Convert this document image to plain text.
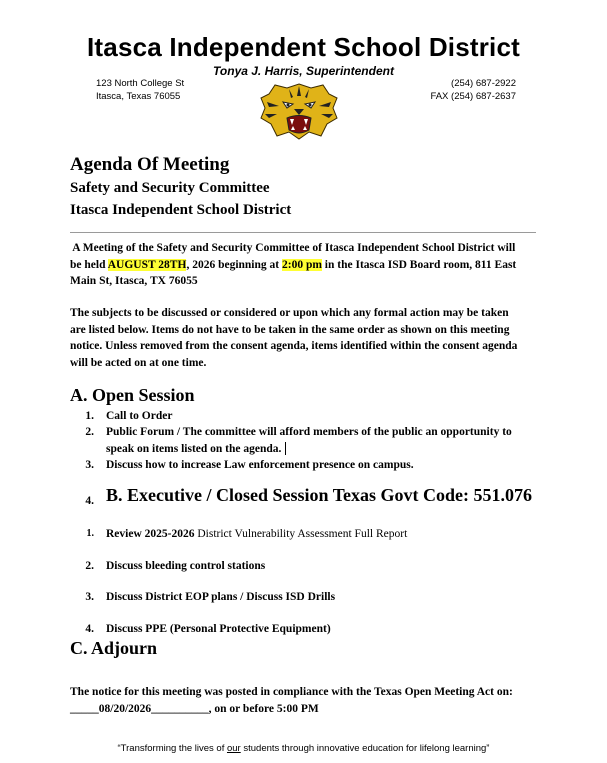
Itasca Independent School District
Tonya J. Harris, Superintendent
123 North College St
Itasca, Texas 76055
(254) 687-2922
FAX (254) 687-2637
Agenda Of Meeting
Safety and Security Committee
Itasca Independent School District
A Meeting of the Safety and Security Committee of Itasca Independent School District will
be held AUGUST 28TH, 2026 beginning at 2:00 pm in the Itasca ISD Board room, 811 East
Main St, Itasca, TX 76055
The subjects to be discussed or considered or upon which any formal action may be taken
are listed below. Items do not have to be taken in the same order as shown on this meeting
notice. Unless removed from the consent agenda, items identified within the consent agenda
will be acted on at one time.
A. Open Session
1. Call to Order
2. Public Forum / The committee will afford members of the public an opportunity to
speak on items listed on the agenda.
3. Discuss how to increase Law enforcement presence on campus.
4. B. Executive / Closed Session Texas Govt Code: 551.076
1. Review 2025-2026 District Vulnerability Assessment Full Report
2. Discuss bleeding control stations
3. Discuss District EOP plans / Discuss ISD Drills
4. Discuss PPE (Personal Protective Equipment)
C. Adjourn
The notice for this meeting was posted in compliance with the Texas Open Meeting Act on:
_____08/20/2026__________, on or before 5:00 PM
“Transforming the lives of our students through innovative education for lifelong learning”
